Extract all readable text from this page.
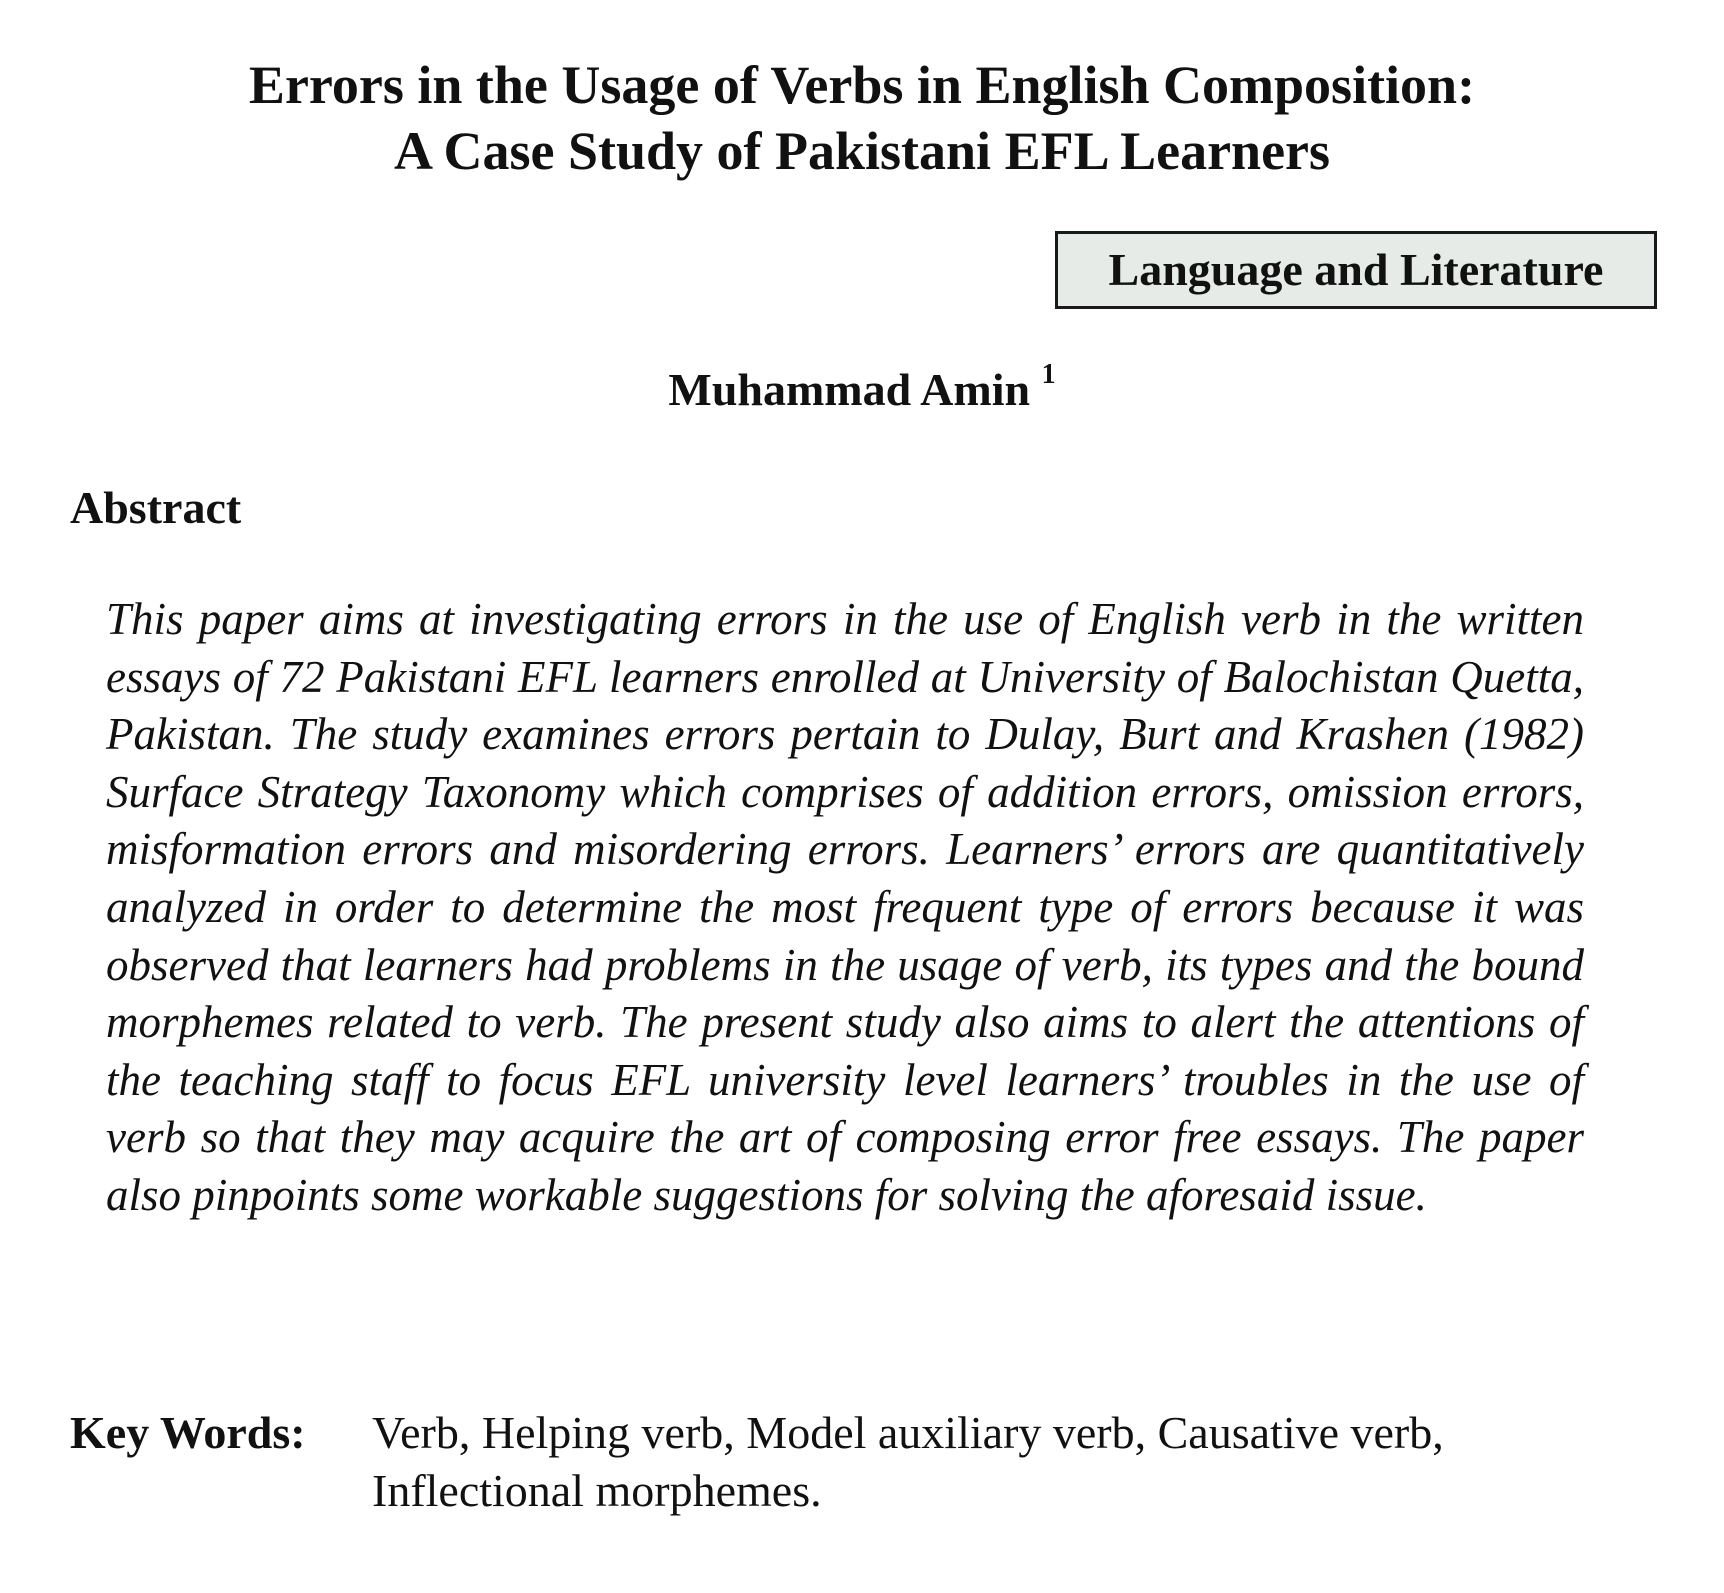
Errors in the Usage of Verbs in English Composition:
A Case Study of Pakistani EFL Learners
Language and Literature
Muhammad Amin $^1$
Abstract

This paper aims at investigating errors in the use of English verb in the written essays of 72 Pakistani EFL learners enrolled at University of Balochistan Quetta, Pakistan. The study examines errors pertain to Dulay, Burt and Krashen (1982) Surface Strategy Taxonomy which comprises of addition errors, omission errors, misformation errors and misordering errors. Learners’ errors are quantitatively analyzed in order to determine the most frequent type of errors because it was observed that learners had problems in the usage of verb, its types and the bound morphemes related to verb. The present study also aims to alert the attentions of the teaching staff to focus EFL university level learners’ troubles in the use of verb so that they may acquire the art of composing error free essays. The paper also pinpoints some workable suggestions for solving the aforesaid issue.

Key Words:	Verb, Helping verb, Model auxiliary verb, Causative verb,
Inflectional morphemes.
